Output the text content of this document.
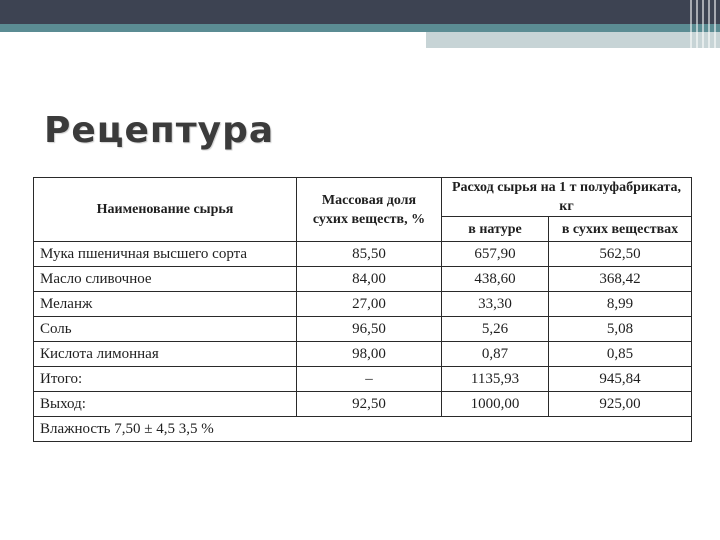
Рецептура
Наименование сырья	Массовая доля сухих веществ, %	Расход сырья на 1 т полуфабриката, кг	
		в натуре	в сухих веществах
Мука пшеничная высшего сорта	85,50	657,90	562,50
Масло сливочное	84,00	438,60	368,42
Меланж	27,00	33,30	8,99
Соль	96,50	5,26	5,08
Кислота лимонная	98,00	0,87	0,85
Итого:	–	1135,93	945,84
Выход:	92,50	1000,00	925,00
Влажность 7,50 ± 4,5 3,5 %			
